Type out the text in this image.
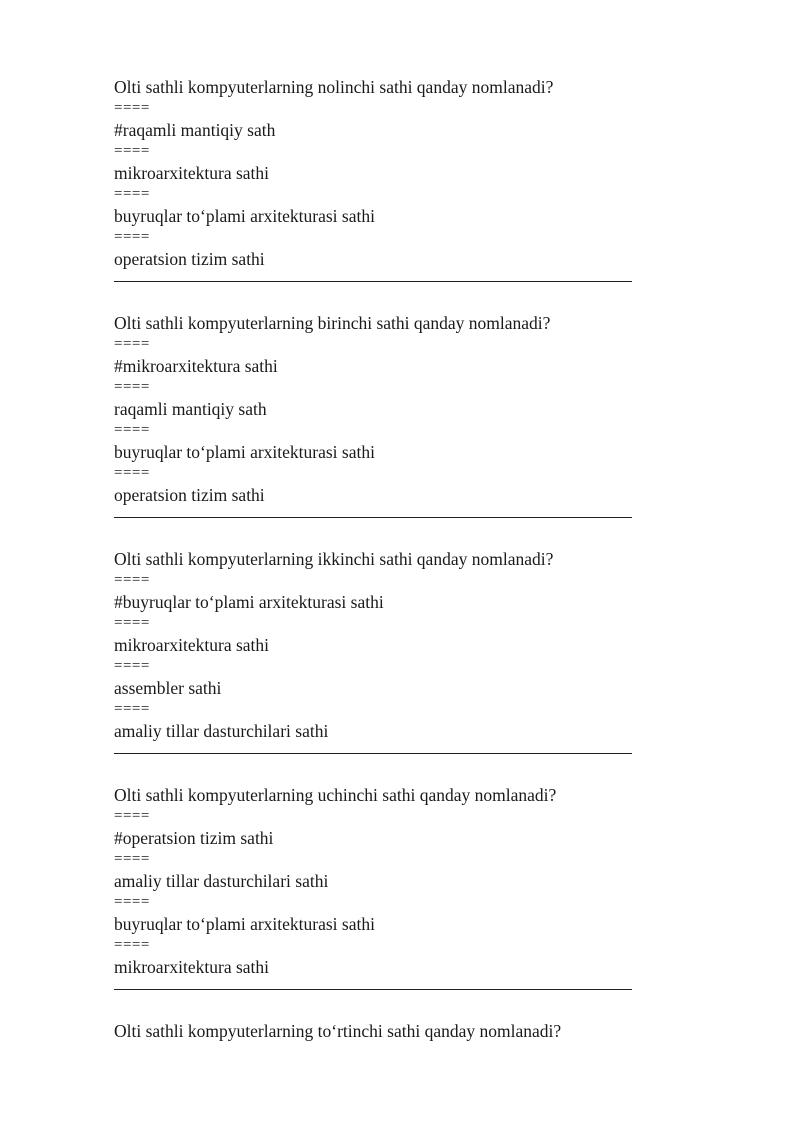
Olti sathli kompyuterlarning nolinchi sathi qanday nomlanadi?
====
#raqamli mantiqiy sath
====
mikroarxitektura sathi
====
buyruqlar to‘plami arxitekturasi sathi
====
operatsion tizim sathi
Olti sathli kompyuterlarning birinchi sathi qanday nomlanadi?
====
#mikroarxitektura sathi
====
raqamli mantiqiy sath
====
buyruqlar to‘plami arxitekturasi sathi
====
operatsion tizim sathi
Olti sathli kompyuterlarning ikkinchi sathi qanday nomlanadi?
====
#buyruqlar to‘plami arxitekturasi sathi
====
mikroarxitektura sathi
====
assembler sathi
====
amaliy tillar dasturchilari sathi
Olti sathli kompyuterlarning uchinchi sathi qanday nomlanadi?
====
#operatsion tizim sathi
====
amaliy tillar dasturchilari sathi
====
buyruqlar to‘plami arxitekturasi sathi
====
mikroarxitektura sathi
Olti sathli kompyuterlarning to‘rtinchi sathi qanday nomlanadi?
